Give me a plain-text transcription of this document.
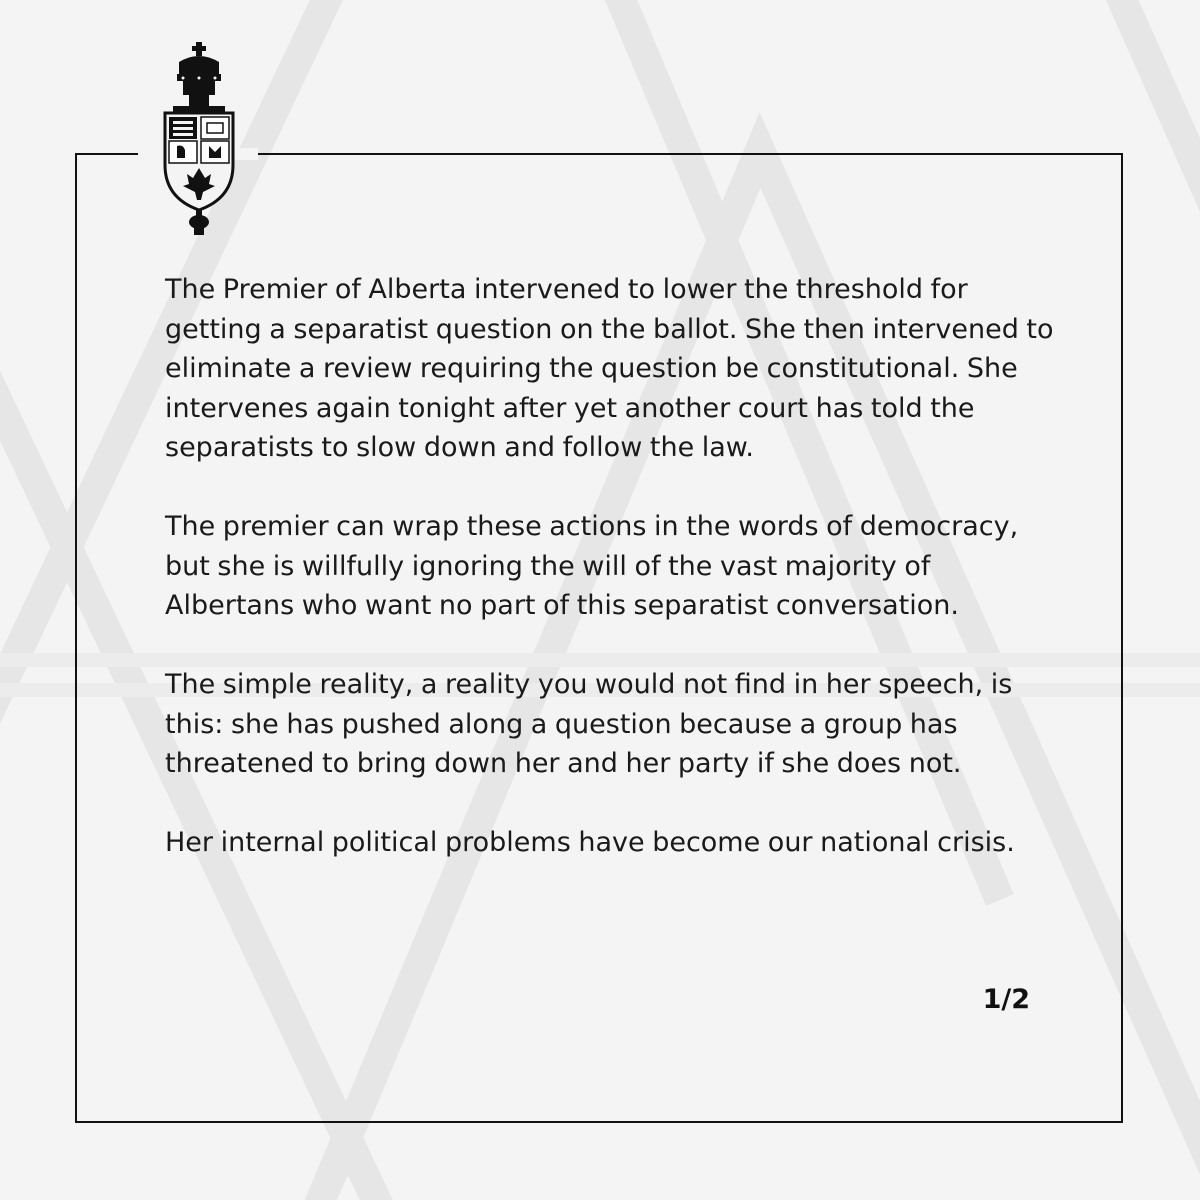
The Premier of Alberta intervened to lower the threshold for getting a separatist question on the ballot. She then intervened to eliminate a review requiring the question be constitutional. She intervenes again tonight after yet another court has told the separatists to slow down and follow the law.

The premier can wrap these actions in the words of democracy, but she is willfully ignoring the will of the vast majority of Albertans who want no part of this separatist conversation.

The simple reality, a reality you would not find in her speech, is this: she has pushed along a question because a group has threatened to bring down her and her party if she does not.

Her internal political problems have become our national crisis.

1/2
